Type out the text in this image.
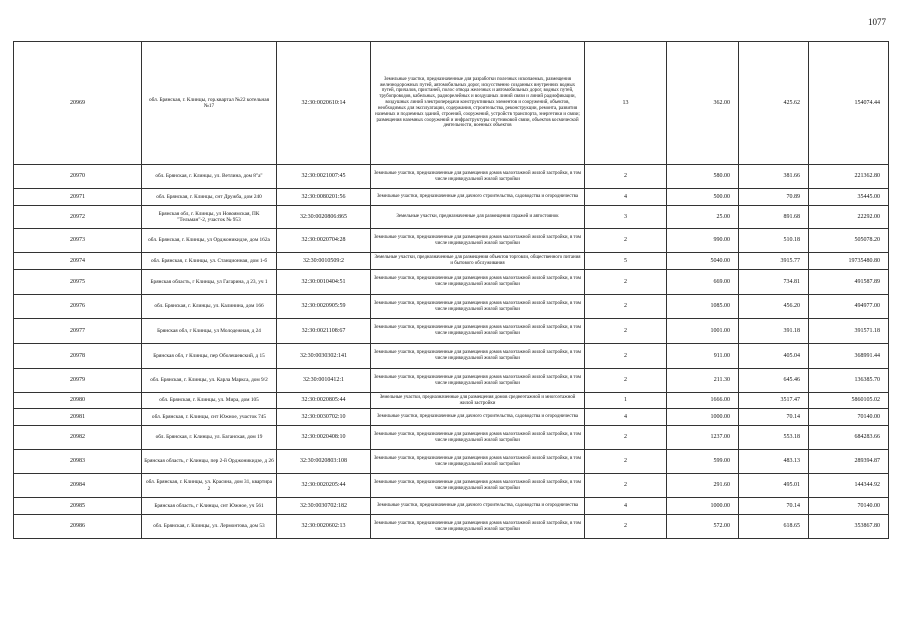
1077
20969	обл. Брянская, г. Клинцы, гор.квартал №22 котельная №17	32:30:0020610:14	Земельные участки, предназначенные для разработки полезных ископаемых, размещения железнодорожных путей, автомобильных дорог, искусственно созданных внутренних водных путей, причалов, пристаней, полос отвода железных и автомобильных дорог, водных путей, трубопроводов, кабельных, радиорелейных и воздушных линий связи и линий радиофикации, воздушных линий электропередачи конструктивных элементов и сооружений, объектов, необходимых для эксплуатации, содержания, строительства, реконструкции, ремонта, развития наземных и подземных зданий, строений, сооружений, устройств транспорта, энергетики и связи; размещения наземных сооружений и инфраструктуры спутниковой связи, объектов космической деятельности, военных объектов	13	362.00	425.62	154074.44
20970	обл. Брянская, г. Клинцы, ул. Ветлина, дом 8"а"	32:30:0021007:45	Земельные участки, предназначенные для размещения домов малоэтажной жилой застройки, в том числе индивидуальной жилой застройки	2	580.00	381.66	221362.80
20971	обл. Брянская, г. Клинцы, снт Дружба, дом 240	32:30:0080201:56	Земельные участки, предназначенные для дачного строительства, садоводства и огородничества	4	500.00	70.89	35445.00
20972	Брянская обл, г. Клинцы, ул Новоямская, ПК "Тельман"-2, участок № 953	32:30:0020806:865	Земельные участки, предназначенные для размещения гаражей и автостоянок	3	25.00	891.68	22292.00
20973	обл. Брянская, г. Клинцы, ул Орджоникидзе, дом 162а	32:30:0020704:28	Земельные участки, предназначенные для размещения домов малоэтажной жилой застройки, в том числе индивидуальной жилой застройки	2	990.00	510.18	505078.20
20974	обл. Брянская, г. Клинцы, ул. Станционная, дом 1-б	32:30:0010509:2	Земельные участки, предназначенные для размещения объектов торговли, общественного питания и бытового обслуживания	5	5040.00	3915.77	19735480.80
20975	Брянская область, г Клинцы, ул Гагарина, д 23, уч 1	32:30:0010404:51	Земельные участки, предназначенные для размещения домов малоэтажной жилой застройки, в том числе индивидуальной жилой застройки	2	669.00	734.81	491587.89
20976	обл. Брянская, г. Клинцы, ул. Калинина, дом 166	32:30:0020905:59	Земельные участки, предназначенные для размещения домов малоэтажной жилой застройки, в том числе индивидуальной жилой застройки	2	1085.00	456.20	494977.00
20977	Брянская обл, г Клинцы, ул Молодежная, д 24	32:30:0021108:67	Земельные участки, предназначенные для размещения домов малоэтажной жилой застройки, в том числе индивидуальной жилой застройки	2	1001.00	391.18	391571.18
20978	Брянская обл, г Клинцы, пер Оболешевский, д 15	32:30:0030302:141	Земельные участки, предназначенные для размещения домов малоэтажной жилой застройки, в том числе индивидуальной жилой застройки	2	911.00	405.04	368991.44
20979	обл. Брянская, г. Клинцы, ул. Карла Маркса, дом 9/2	32:30:0010412:1	Земельные участки, предназначенные для размещения домов малоэтажной жилой застройки, в том числе индивидуальной жилой застройки	2	211.30	645.46	136385.70
20980	обл. Брянская, г. Клинцы, ул. Мира, дом 105	32:30:0020805:44	Земельные участки, предназначенные для размещения домов среднеэтажной и многоэтажной жилой застройки	1	1666.00	3517.47	5860105.02
20981	обл. Брянская, г. Клинцы, снт Южное, участок 745	32:30:0030702:10	Земельные участки, предназначенные для дачного строительства, садоводства и огородничества	4	1000.00	70.14	70140.00
20982	обл. Брянская, г. Клинцы, ул. Баганская, дом 19	32:30:0020408:10	Земельные участки, предназначенные для размещения домов малоэтажной жилой застройки, в том числе индивидуальной жилой застройки	2	1237.00	553.18	684283.66
20983	Брянская область, г Клинцы, пер 2-й Орджоникидзе, д 26	32:30:0020803:108	Земельные участки, предназначенные для размещения домов малоэтажной жилой застройки, в том числе индивидуальной жилой застройки	2	599.00	483.13	289394.87
20984	обл. Брянская, г. Клинцы, ул. Красина, дом 31, квартира 2	32:30:0020205:44	Земельные участки, предназначенные для размещения домов малоэтажной жилой застройки, в том числе индивидуальной жилой застройки	2	291.60	495.01	144344.92
20985	Брянская область, г Клинцы, снт Южное, уч 561	32:30:0030702:182	Земельные участки, предназначенные для дачного строительства, садоводства и огородничества	4	1000.00	70.14	70140.00
20986	обл. Брянская, г. Клинцы, ул. Лермонтова, дом 53	32:30:0020602:13	Земельные участки, предназначенные для размещения домов малоэтажной жилой застройки, в том числе индивидуальной жилой застройки	2	572.00	618.65	353867.80
